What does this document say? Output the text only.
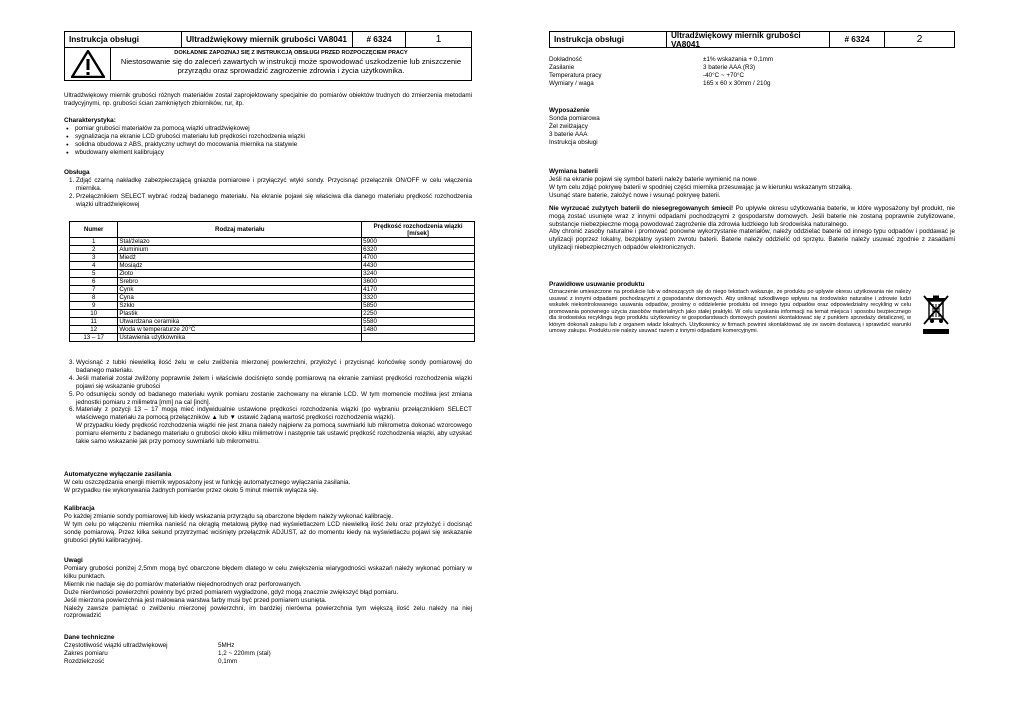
Instrukcja obsługi	Ultradźwiękowy miernik grubości VA8041	# 6324	1
DOKŁADNIE ZAPOZNAJ SIĘ Z INSTRUKCJĄ OBSŁUGI PRZED ROZPOCZĘCIEM PRACY
Niestosowanie się do zaleceń zawartych w instrukcji może spowodować uszkodzenie lub zniszczenie przyrządu oraz sprowadzić zagrożenie zdrowia i życia użytkownika.
Ultradźwiękowy miernik grubości różnych materiałów został zaprojektowany specjalnie do pomiarów obiektów trudnych do zmierzenia metodami tradycyjnymi, np. grubości ścian zamkniętych zbiorników, rur, itp.
Charakterystyka:
● pomiar grubości materiałów za pomocą wiązki ultradźwiękowej
● sygnalizacja na ekranie LCD grubości materiału lub prędkości rozchodzenia wiązki
● solidna obudowa z ABS, praktyczny uchwyt do mocowania miernika na statywie
● wbudowany element kalibrujący
Obsługa
1. Zdjąć czarną nakładkę zabezpieczającą gniazda pomiarowe i przyłączyć wtyki sondy. Przycisnąć przełącznik ON/OFF w celu włączenia miernika.
2. Przełącznikiem SELECT wybrać rodzaj badanego materiału. Na ekranie pojawi się właściwa dla danego materiału prędkość rozchodzenia wiązki ultradźwiękowej
Numer	Rodzaj materiału	Prędkość rozchodzenia wiązki [m/sek]
1	Stal/żelazo	5900
2	Aluminium	6320
3	Miedź	4700
4	Mosiądz	4430
5	Złoto	3240
6	Srebro	3600
7	Cynk	4170
8	Cyna	3320
9	Szkło	5850
10	Plastik	2250
11	Utwardzana ceramika	5580
12	Woda w temperaturze 20°C	1480
13 – 17	Ustawienia użytkownika	
3. Wycisnąć z tubki niewielką ilość żelu w celu zwilżenia mierzonej powierzchni, przyłożyć i przycisnąć końcówkę sondy pomiarowej do badanego materiału.
4. Jeśli materiał został zwilżony poprawnie żelem i właściwie dociśnięto sondę pomiarową na ekranie zamiast prędkości rozchodzenia wiązki pojawi się wskazanie grubości
5. Po odsunięciu sondy od badanego materiału wynik pomiaru zostanie zachowany na ekranie LCD. W tym momencie możliwa jest zmiana jednostki pomiaru z milimetra [mm] na cal [inch].
6. Materiały z pozycji 13 – 17 mogą mieć indywidualnie ustawione prędkości rozchodzenia wiązki (po wybraniu przełącznikiem SELECT właściwego materiału za pomocą przełączników ▲ lub ▼ ustawić żądaną wartość prędkości rozchodzenia wiązki).
W przypadku kiedy prędkość rozchodzenia wiązki nie jest znana należy najpierw za pomocą suwmiarki lub mikrometra dokonać wzorcowego pomiaru elementu z badanego materiału o grubości około kilku milimetrów i następnie tak ustawić prędkość rozchodzenia wiązki, aby uzyskać takie samo wskazanie jak przy pomocy suwmiarki lub mikrometru.
Automatyczne wyłączanie zasilania
W celu oszczędzania energii miernik wyposażony jest w funkcję automatycznego wyłączania zasilania.
W przypadku nie wykonywania żadnych pomiarów przez około 5 minut miernik wyłącza się.
Kalibracja
Po każdej zmianie sondy pomiarowej lub kiedy wskazania przyrządu są obarczone błędem należy wykonać kalibrację.
W tym celu po włączeniu miernika nanieść na okrągłą metalową płytkę nad wyświetlaczem LCD niewielką ilość żelu oraz przyłożyć i docisnąć sondę pomiarową. Przez kilka sekund przytrzymać wciśnięty przełącznik ADJUST, aż do momentu kiedy na wyświetlaczu pojawi się wskazanie grubości płytki kalibracyjnej.
Uwagi
Pomiary grubości poniżej 2,5mm mogą być obarczone błędem dlatego w celu zwiększenia wiarygodności wskazań należy wykonać pomiary w kilku punktach.
Miernik nie nadaje się do pomiarów materiałów niejednorodnych oraz perforowanych.
Duże nierówności powierzchni powinny być przed pomiarem wygładzone, gdyż mogą znacznie zwiększyć błąd pomiaru.
Jeśli mierzona powierzchnia jest malowana warstwa farby musi być przed pomiarem usunięta.
Należy zawsze pamiętać o zwilżeniu mierzonej powierzchni, im bardziej nierówna powierzchnia tym większą ilość żelu należy na niej rozprowadzić
Dane techniczne
Częstotliwość wiązki ultradźwiękowej	5MHz
Zakres pomiaru	1,2 ~ 220mm (stal)
Rozdzielczość	0,1mm
Instrukcja obsługi	Ultradźwiękowy miernik grubości VA8041	# 6324	2
Dokładność	±1% wskazania + 0,1mm
Zasilanie	3 baterie AAA (R3)
Temperatura pracy	-40°C ~ +70°C
Wymiary / waga	165 x 60 x 30mm / 210g
Wyposażenie
Sonda pomiarowa
Żel zwilżający
3 baterie AAA
Instrukcja obsługi
Wymiana baterii
Jeśli na ekranie pojawi się symbol baterii należy baterie wymienić na nowe
W tym celu zdjąć pokrywę baterii w spodniej części miernika przesuwając ja w kierunku wskazanym strzałką.
Usunąć stare baterie, założyć nowe i wsunąć pokrywę baterii.
Nie wyrzucać zużytych baterii do niesegregowanych śmieci! Po upływie okresu użytkowania baterie, w które wyposażony był produkt, nie mogą zostać usunięte wraz z innymi odpadami pochodzącymi z gospodarstw domowych. Jeśli baterie nie zostaną poprawnie zutylizowane, substancje niebezpieczne mogą powodować zagrożenie dla zdrowia ludzkiego lub środowiska naturalnego.
Aby chronić zasoby naturalne i promować ponowne wykorzystanie materiałów, należy oddzielać baterie od innego typu odpadów i poddawać je utylizacji poprzez lokalny, bezpłatny system zwrotu baterii. Baterie należy oddzielić od sprzętu. Baterie należy usuwać zgodnie z zasadami utylizacji niebezpiecznych odpadów elektronicznych.
Prawidłowe usuwanie produktu
Oznaczenie umieszczone na produkcie lub w odnoszących się do niego tekstach wskazuje, że produktu po upływie okresu użytkowania nie należy usuwać z innymi odpadami pochodzącymi z gospodarstw domowych. Aby uniknąć szkodliwego wpływu na środowisko naturalne i zdrowie ludzi wskutek niekontrolowanego usuwania odpadów, prosimy o oddzielenie produktu od innego typu odpadów oraz odpowiedzialny recykling w celu promowania ponownego użycia zasobów materialnych jako stałej praktyki. W celu uzyskania informacji na temat miejsca i sposobu bezpiecznego dla środowiska recyklingu tego produktu użytkownicy w gospodarstwach domowych powinni skontaktować się z punktem sprzedaży detalicznej, w którym dokonali zakupu lub z organem władz lokalnych. Użytkownicy w firmach powinni skontaktować się ze swoim dostawcą i sprawdzić warunki umowy zakupu. Produktu nie należy usuwać razem z innymi odpadami komercyjnymi.
